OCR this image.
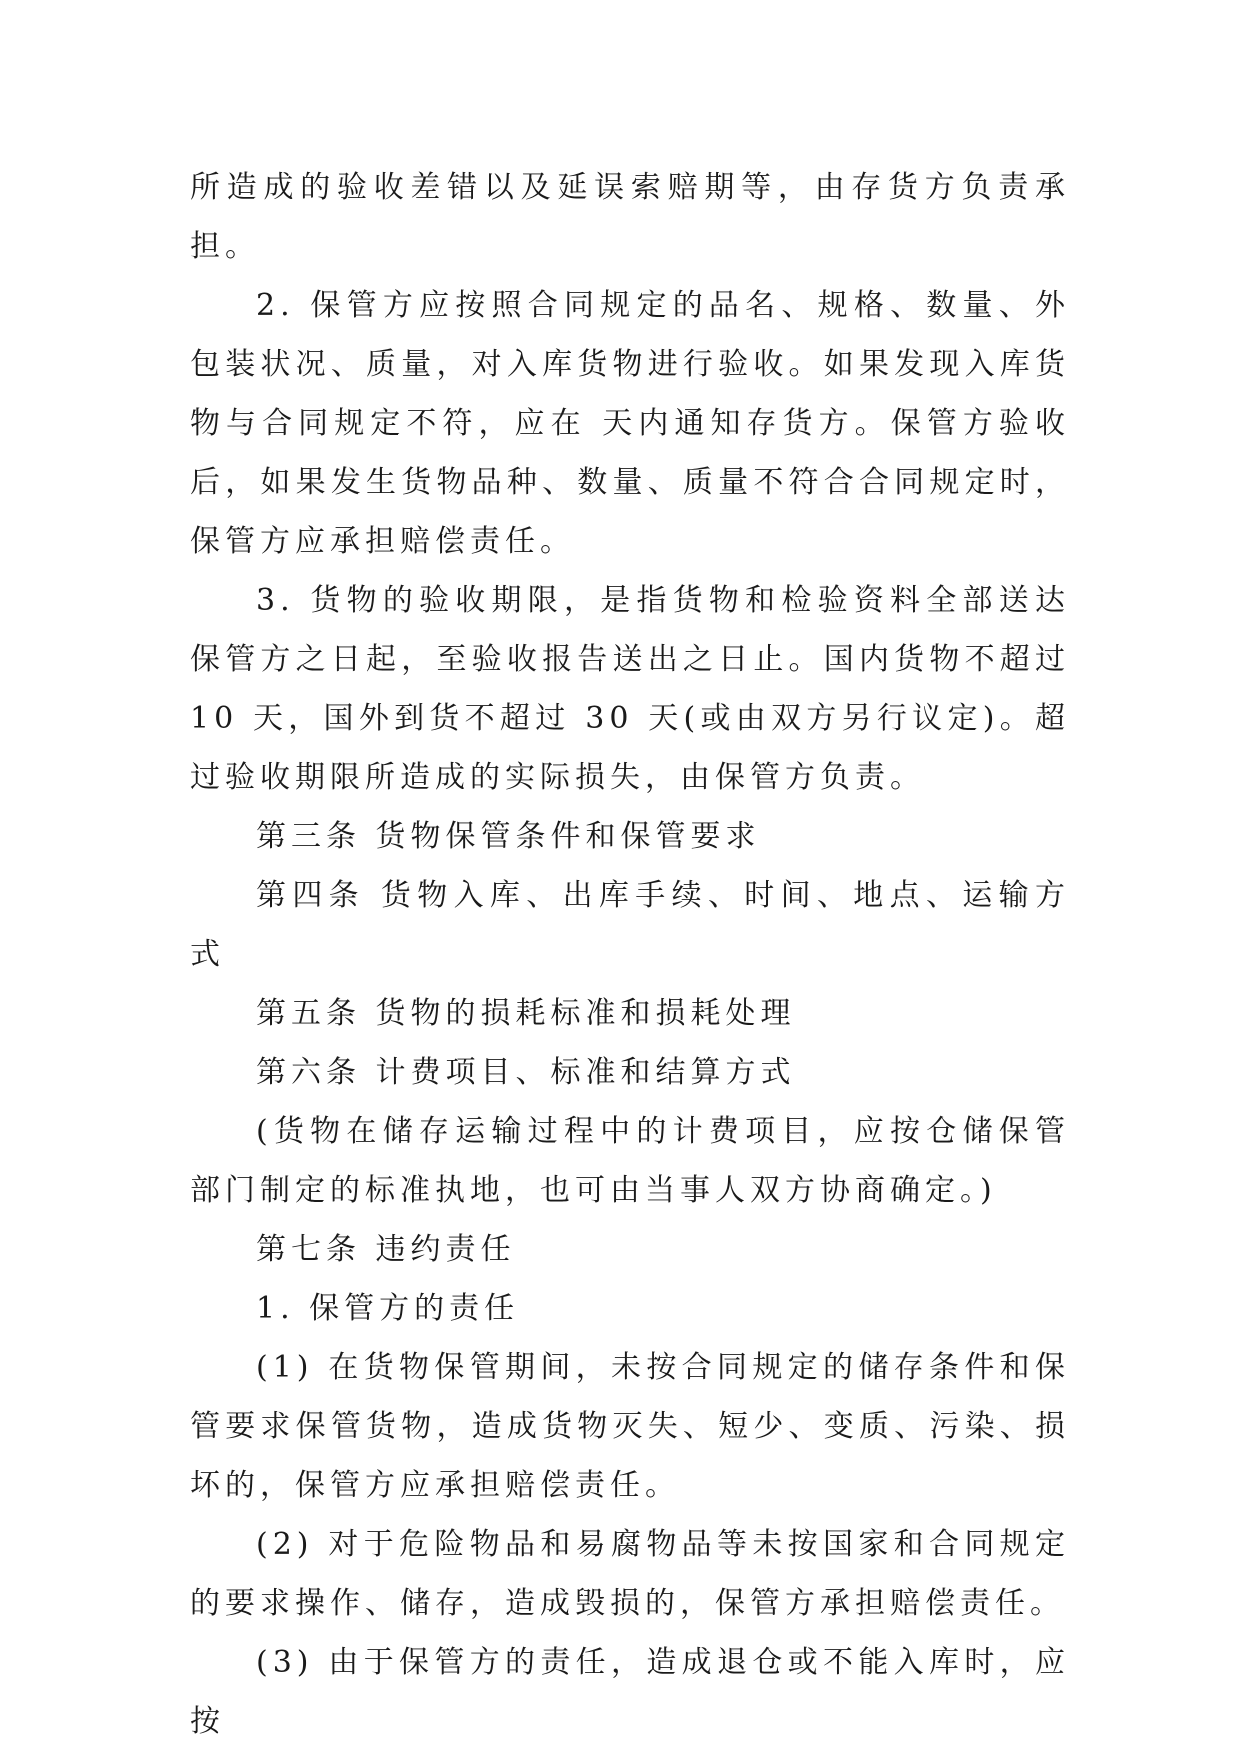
所造成的验收差错以及延误索赔期等，由存货方负责承担。

2. 保管方应按照合同规定的品名、规格、数量、外包装状况、质量，对入库货物进行验收。如果发现入库货物与合同规定不符，应在 天内通知存货方。保管方验收后，如果发生货物品种、数量、质量不符合合同规定时，保管方应承担赔偿责任。

3. 货物的验收期限，是指货物和检验资料全部送达保管方之日起，至验收报告送出之日止。国内货物不超过 10 天，国外到货不超过 30 天(或由双方另行议定)。超过验收期限所造成的实际损失，由保管方负责。

第三条 货物保管条件和保管要求

第四条 货物入库、出库手续、时间、地点、运输方式

第五条 货物的损耗标准和损耗处理

第六条 计费项目、标准和结算方式

(货物在储存运输过程中的计费项目，应按仓储保管部门制定的标准执地，也可由当事人双方协商确定。)

第七条 违约责任

1. 保管方的责任

(1) 在货物保管期间，未按合同规定的储存条件和保管要求保管货物，造成货物灭失、短少、变质、污染、损坏的，保管方应承担赔偿责任。

(2) 对于危险物品和易腐物品等未按国家和合同规定的要求操作、储存，造成毁损的，保管方承担赔偿责任。

(3) 由于保管方的责任，造成退仓或不能入库时，应按
